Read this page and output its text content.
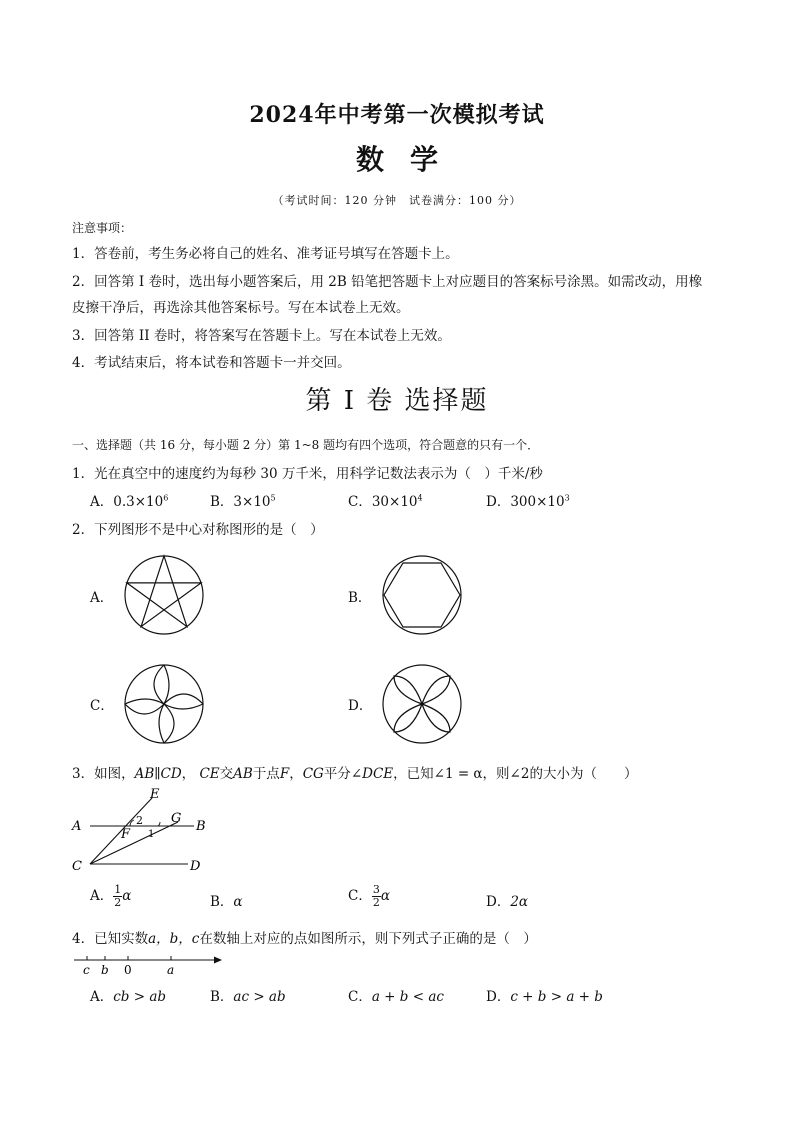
2024年中考第一次模拟考试
数学
（考试时间：120 分钟　试卷满分：100 分）
注意事项：
1．答卷前，考生务必将自己的姓名、准考证号填写在答题卡上。
2．回答第 I 卷时，选出每小题答案后，用 2B 铅笔把答题卡上对应题目的答案标号涂黑。如需改动，用橡
皮擦干净后，再选涂其他答案标号。写在本试卷上无效。
3．回答第 II 卷时，将答案写在答题卡上。写在本试卷上无效。
4．考试结束后，将本试卷和答题卡一并交回。
第 I 卷 选择题
一、选择题（共 16 分，每小题 2 分）第 1~8 题均有四个选项，符合题意的只有一个．
1．光在真空中的速度约为每秒 30 万千米，用科学记数法表示为（　）千米/秒
A．$0.3\times 10^6$	B．$3\times 10^5$	C．$30\times 10^4$	D．$300\times 10^3$
2．下列图形不是中心对称图形的是（　）
A．	B．
C．	D．
3．如图，AB∥CD， CE交AB于点F，CG平分∠DCE，已知∠1 = α，则∠2的大小为（　　）
A	B
C	D
E
F
G
2
1
A． $\frac{1}{2}$ α	B．α	C． $\frac{3}{2}$ α	D．2α
4．已知实数a，b，c在数轴上对应的点如图所示，则下列式子正确的是（　）
c b 0	a
A．cb > ab	B．ac > ab	C．a + b < ac	D．c + b > a + b
